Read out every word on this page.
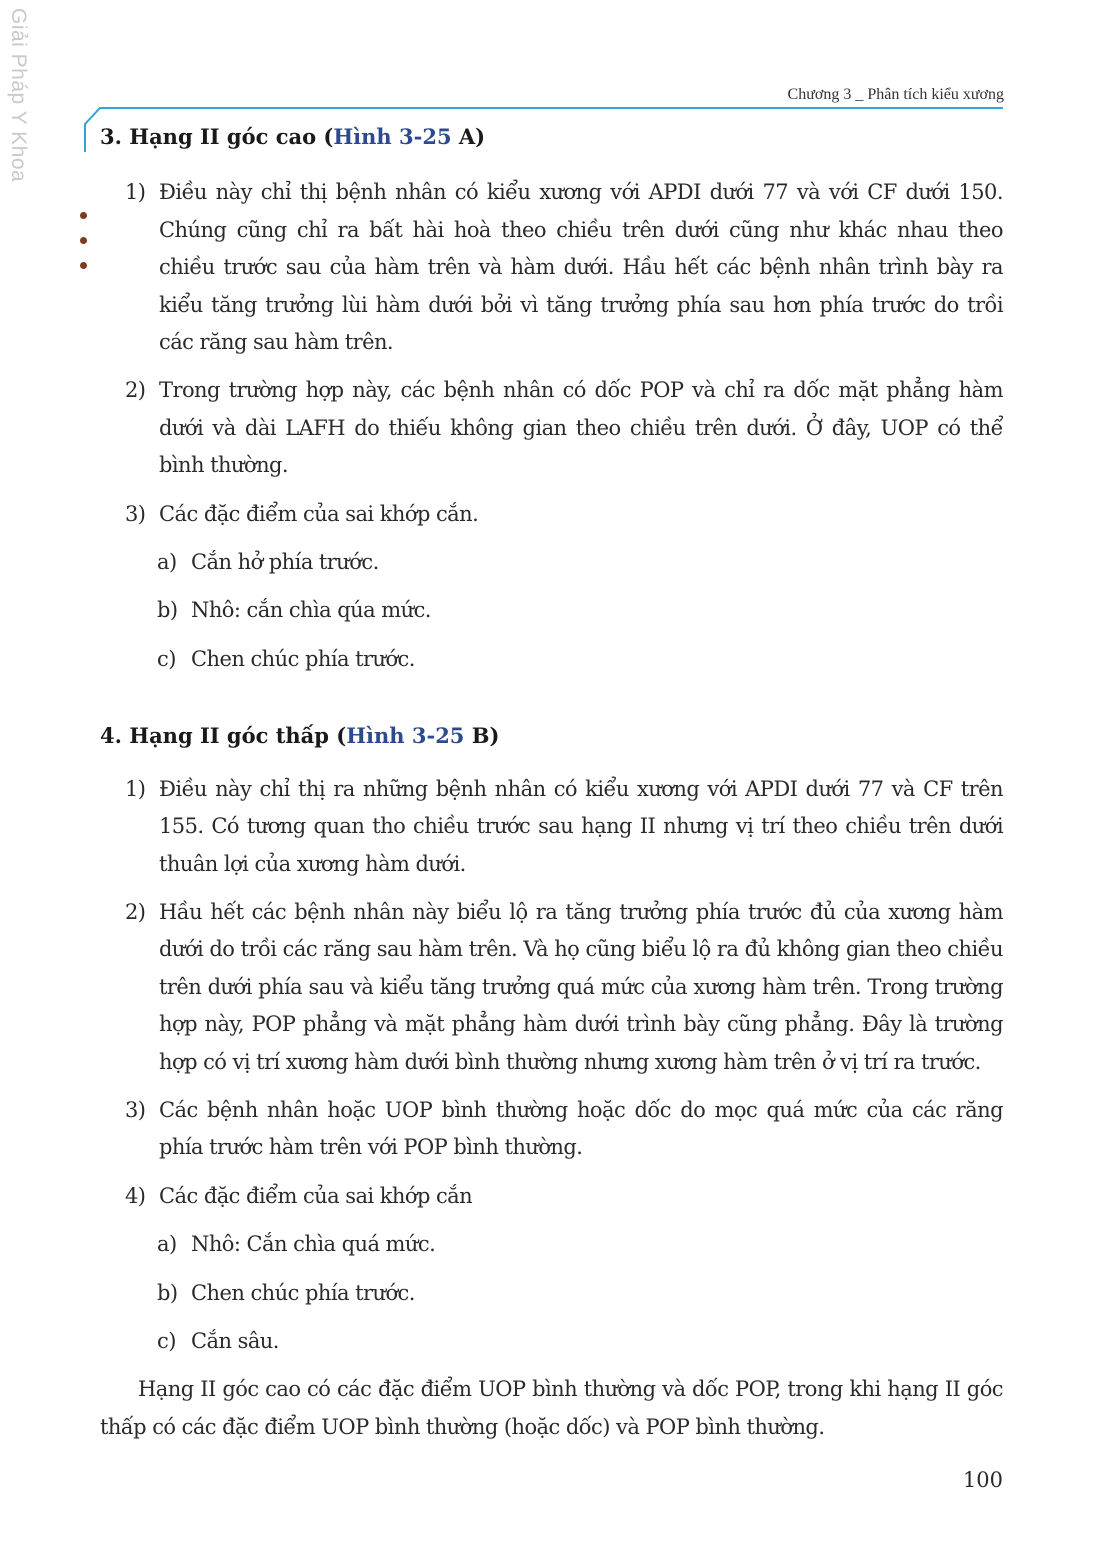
Giải Pháp Y Khoa	Chương 3 _ Phân tích kiểu xương
3. Hạng II góc cao (Hình 3-25 A)
1) Điều này chỉ thị bệnh nhân có kiểu xương với APDI dưới 77 và với CF dưới 150. Chúng cũng chỉ ra bất hài hoà theo chiều trên dưới cũng như khác nhau theo chiều trước sau của hàm trên và hàm dưới. Hầu hết các bệnh nhân trình bày ra kiểu tăng trưởng lùi hàm dưới bởi vì tăng trưởng phía sau hơn phía trước do trồi các răng sau hàm trên.

2) Trong trường hợp này, các bệnh nhân có dốc POP và chỉ ra dốc mặt phẳng hàm dưới và dài LAFH do thiếu không gian theo chiều trên dưới. Ở đây, UOP có thể bình thường.

3) Các đặc điểm của sai khớp cắn.

a) Cắn hở phía trước.

b) Nhô: cắn chìa qúa mức.

c) Chen chúc phía trước.

4. Hạng II góc thấp (Hình 3-25 B)
1) Điều này chỉ thị ra những bệnh nhân có kiểu xương với APDI dưới 77 và CF trên 155. Có tương quan tho chiều trước sau hạng II nhưng vị trí theo chiều trên dưới thuân lợi của xương hàm dưới.

2) Hầu hết các bệnh nhân này biểu lộ ra tăng trưởng phía trước đủ của xương hàm dưới do trồi các răng sau hàm trên. Và họ cũng biểu lộ ra đủ không gian theo chiều trên dưới phía sau và kiểu tăng trưởng quá mức của xương hàm trên. Trong trường hợp này, POP phẳng và mặt phẳng hàm dưới trình bày cũng phẳng. Đây là trường hợp có vị trí xương hàm dưới bình thường nhưng xương hàm trên ở vị trí ra trước.

3) Các bệnh nhân hoặc UOP bình thường hoặc dốc do mọc quá mức của các răng phía trước hàm trên với POP bình thường.

4) Các đặc điểm của sai khớp cắn

a) Nhô: Cắn chìa quá mức.

b) Chen chúc phía trước.

c) Cắn sâu.

Hạng II góc cao có các đặc điểm UOP bình thường và dốc POP, trong khi hạng II góc thấp có các đặc điểm UOP bình thường (hoặc dốc) và POP bình thường.

100
